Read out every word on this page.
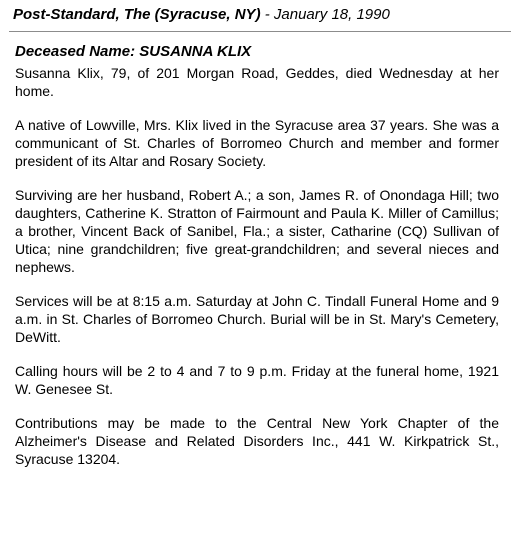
Post-Standard, The (Syracuse, NY) - January 18, 1990
Deceased Name: SUSANNA KLIX
Susanna Klix, 79, of 201 Morgan Road, Geddes, died Wednesday at her home.
A native of Lowville, Mrs. Klix lived in the Syracuse area 37 years. She was a communicant of St. Charles of Borromeo Church and member and former president of its Altar and Rosary Society.
Surviving are her husband, Robert A.; a son, James R. of Onondaga Hill; two daughters, Catherine K. Stratton of Fairmount and Paula K. Miller of Camillus; a brother, Vincent Back of Sanibel, Fla.; a sister, Catharine (CQ) Sullivan of Utica; nine grandchildren; five great-grandchildren; and several nieces and nephews.
Services will be at 8:15 a.m. Saturday at John C. Tindall Funeral Home and 9 a.m. in St. Charles of Borromeo Church. Burial will be in St. Mary's Cemetery, DeWitt.
Calling hours will be 2 to 4 and 7 to 9 p.m. Friday at the funeral home, 1921 W. Genesee St.
Contributions may be made to the Central New York Chapter of the Alzheimer's Disease and Related Disorders Inc., 441 W. Kirkpatrick St., Syracuse 13204.
